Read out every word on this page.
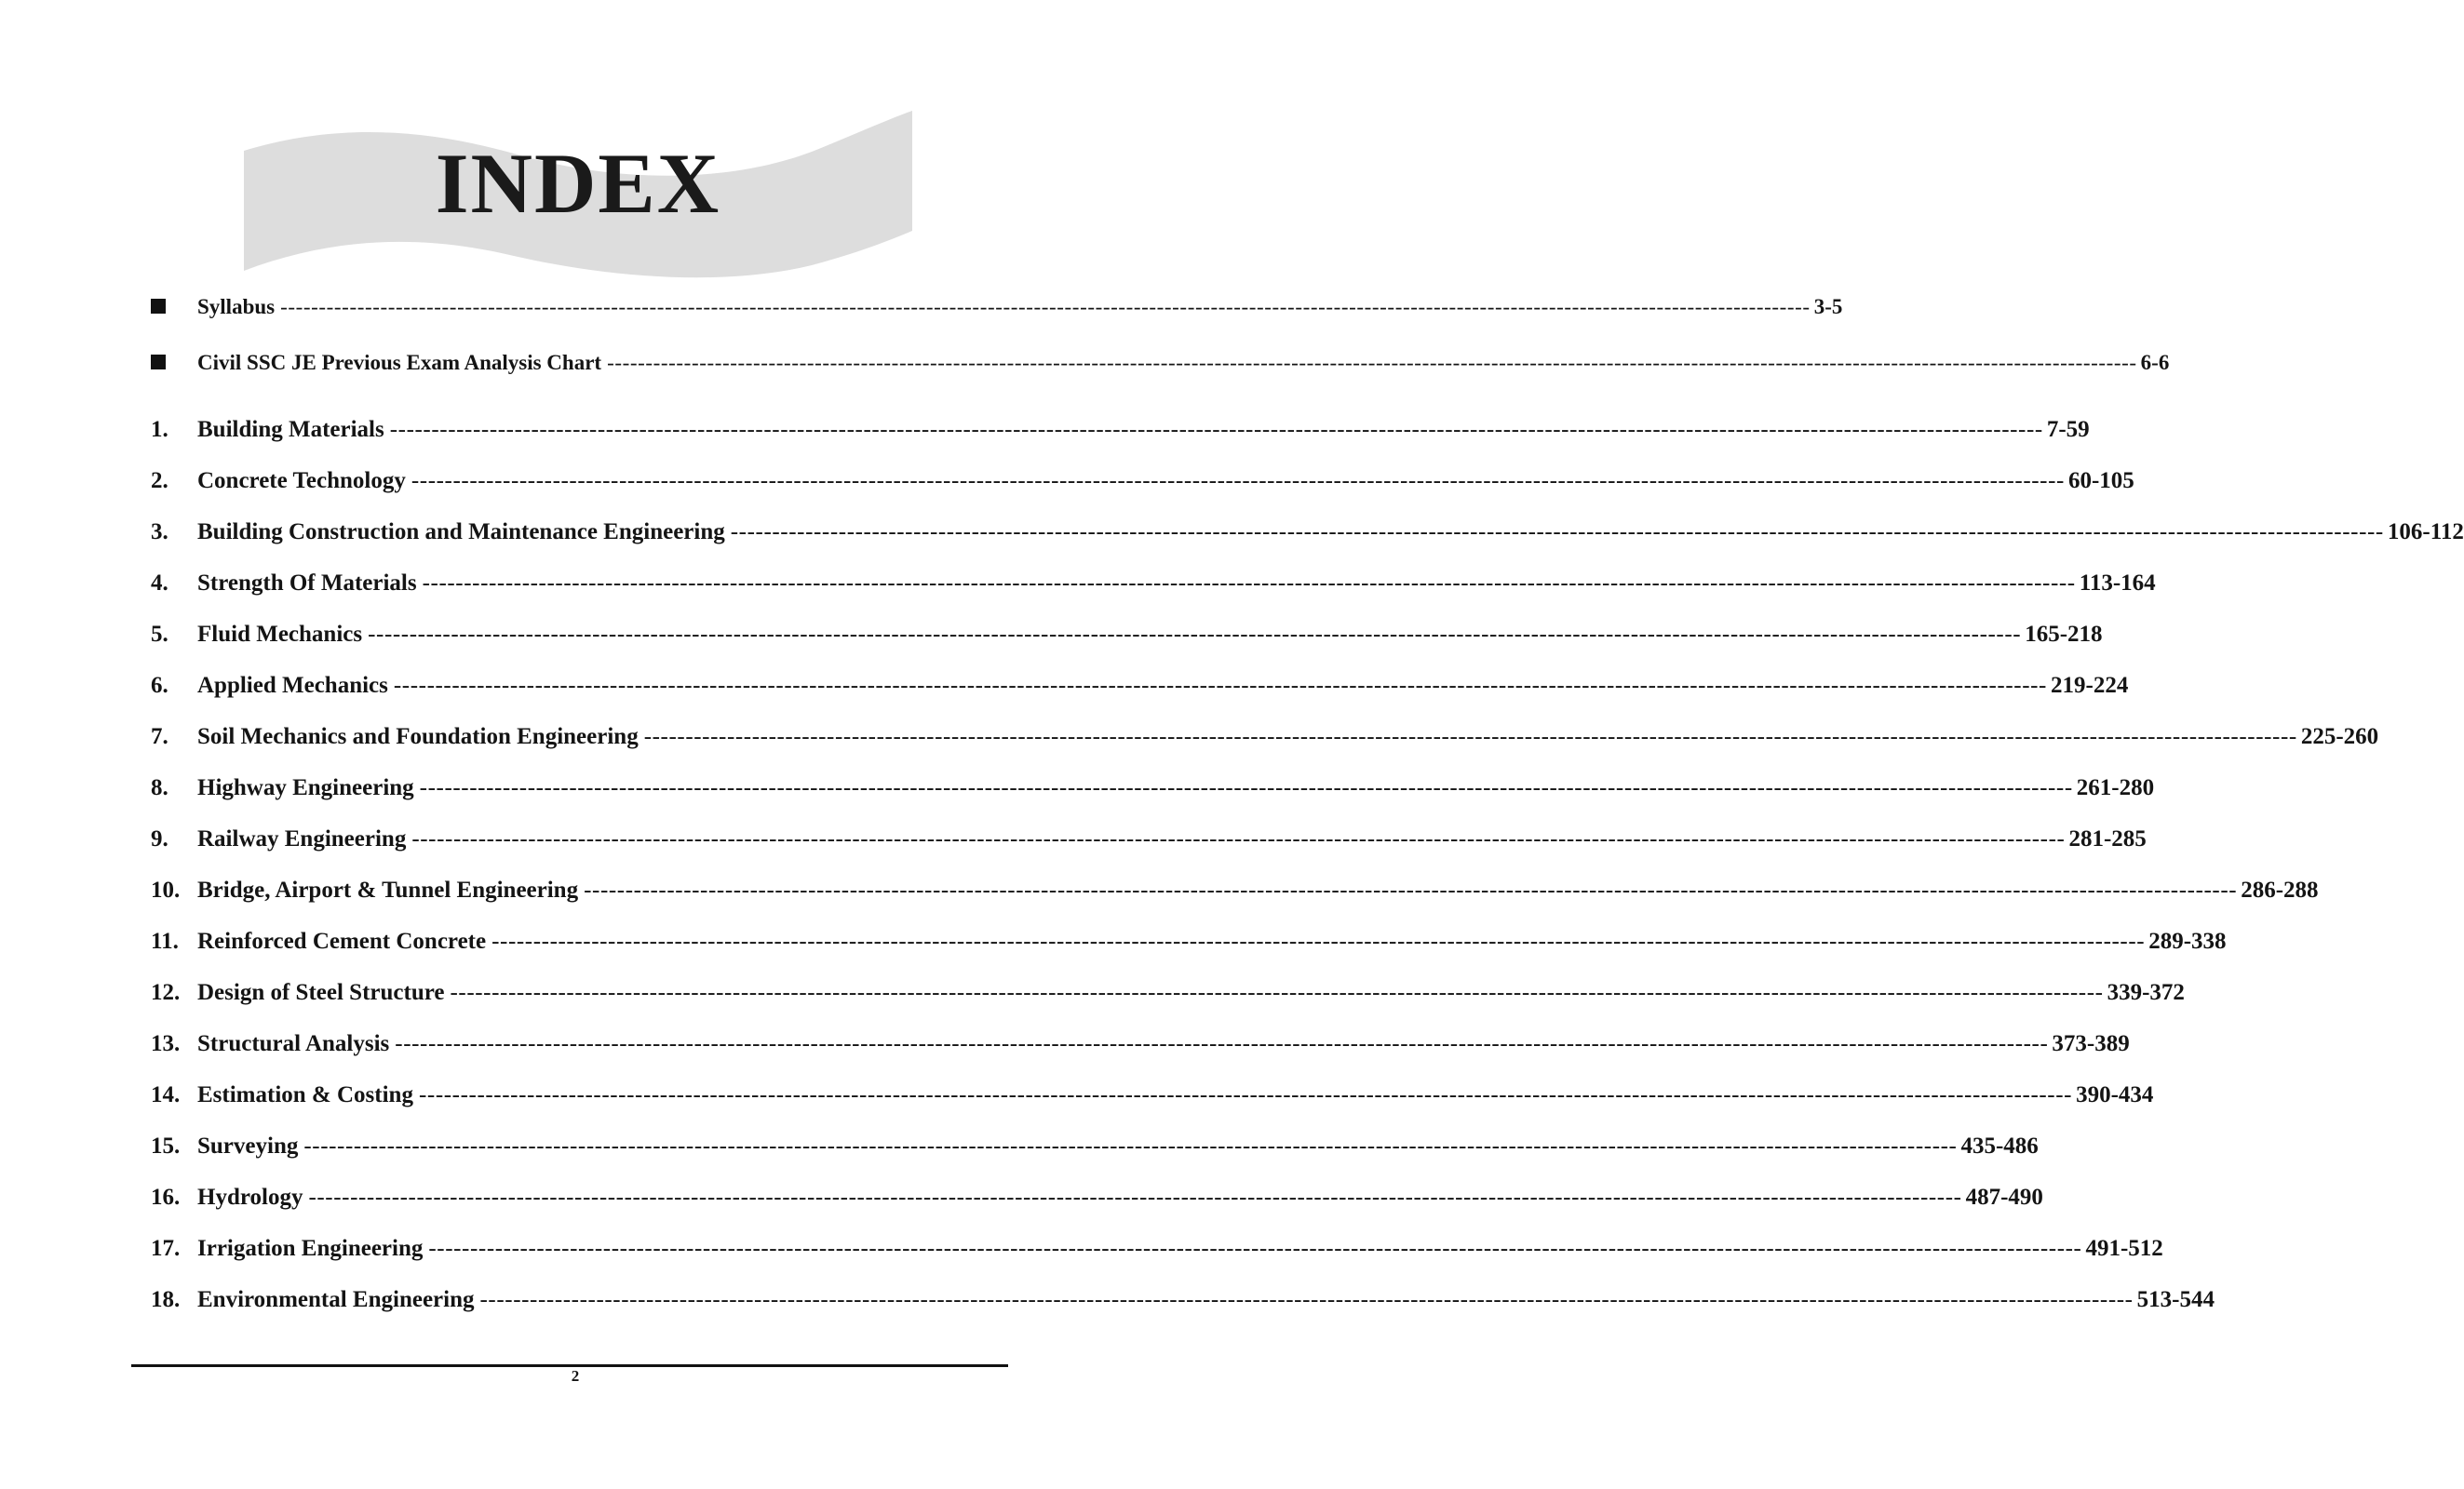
INDEX
Syllabus ------------------------------------------------------------------------------------------------------------------------------------------------------------------------------------------------------- 3-5
Civil SSC JE Previous Exam Analysis Chart ------------------------------------------------------------------------------------------------------------------------------------------------------------------------------------------------------- 6-6
1.	Building Materials ------------------------------------------------------------------------------------------------------------------------------------------------------------------------------------------------------- 7-59
2.	Concrete Technology ------------------------------------------------------------------------------------------------------------------------------------------------------------------------------------------------------- 60-105
3.	Building Construction and Maintenance Engineering ------------------------------------------------------------------------------------------------------------------------------------------------------------------------------------------------------- 106-112
4.	Strength Of Materials ------------------------------------------------------------------------------------------------------------------------------------------------------------------------------------------------------- 113-164
5.	Fluid Mechanics ------------------------------------------------------------------------------------------------------------------------------------------------------------------------------------------------------- 165-218
6.	Applied Mechanics ------------------------------------------------------------------------------------------------------------------------------------------------------------------------------------------------------- 219-224
7.	Soil Mechanics and Foundation Engineering ------------------------------------------------------------------------------------------------------------------------------------------------------------------------------------------------------- 225-260
8.	Highway Engineering ------------------------------------------------------------------------------------------------------------------------------------------------------------------------------------------------------- 261-280
9.	Railway Engineering ------------------------------------------------------------------------------------------------------------------------------------------------------------------------------------------------------- 281-285
10. Bridge, Airport & Tunnel Engineering ------------------------------------------------------------------------------------------------------------------------------------------------------------------------------------------------------- 286-288
11. Reinforced Cement Concrete ------------------------------------------------------------------------------------------------------------------------------------------------------------------------------------------------------- 289-338
12. Design of Steel Structure ------------------------------------------------------------------------------------------------------------------------------------------------------------------------------------------------------- 339-372
13. Structural Analysis ------------------------------------------------------------------------------------------------------------------------------------------------------------------------------------------------------- 373-389
14. Estimation & Costing ------------------------------------------------------------------------------------------------------------------------------------------------------------------------------------------------------- 390-434
15. Surveying ------------------------------------------------------------------------------------------------------------------------------------------------------------------------------------------------------- 435-486
16. Hydrology ------------------------------------------------------------------------------------------------------------------------------------------------------------------------------------------------------- 487-490
17. Irrigation Engineering ------------------------------------------------------------------------------------------------------------------------------------------------------------------------------------------------------- 491-512
18. Environmental Engineering ------------------------------------------------------------------------------------------------------------------------------------------------------------------------------------------------------- 513-544
2
